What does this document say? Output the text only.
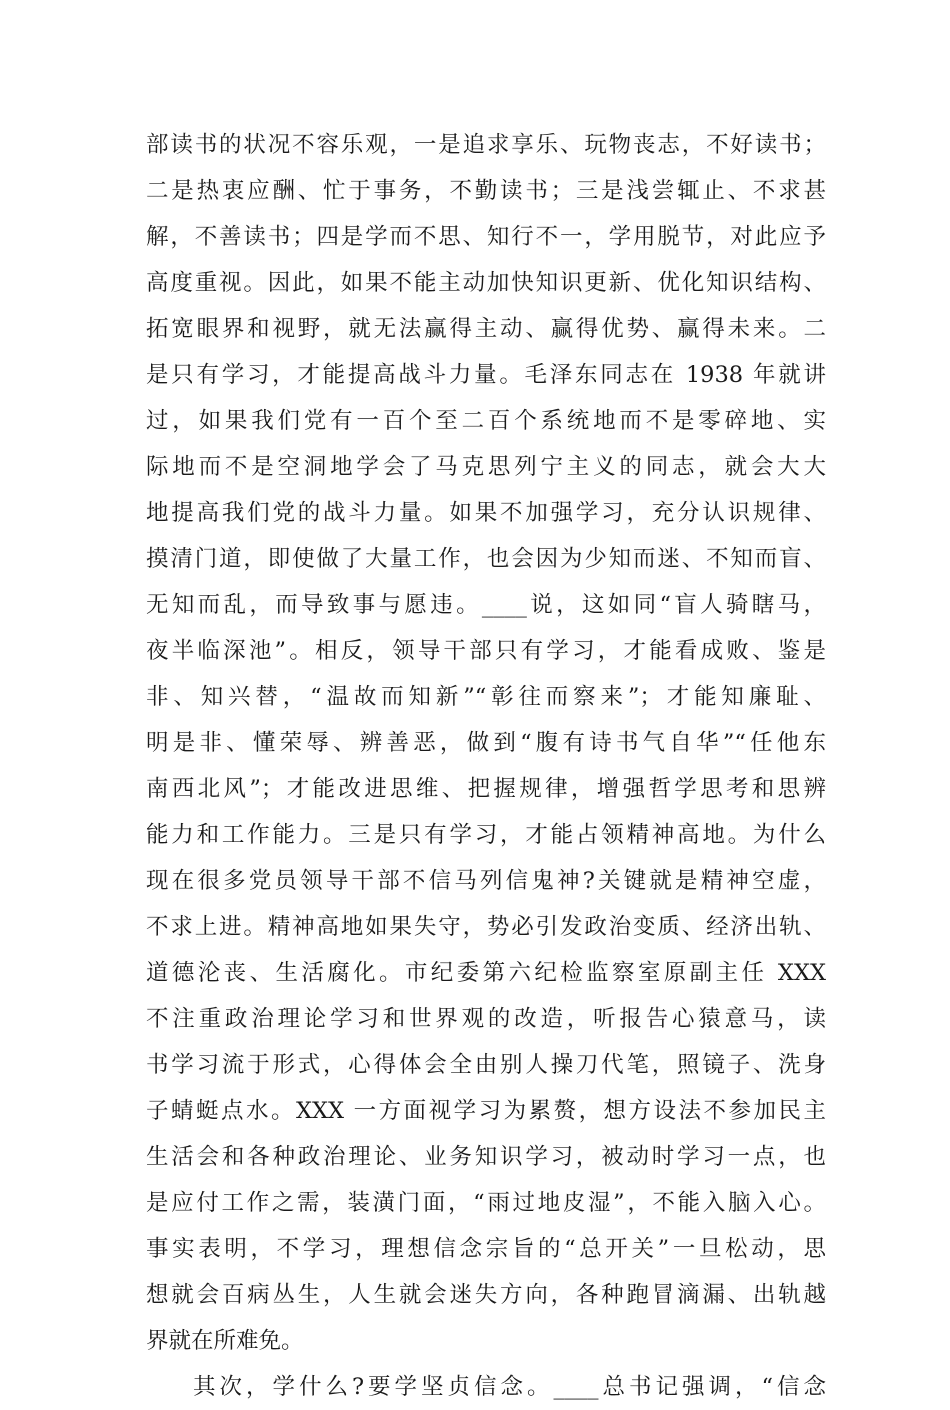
部读书的状况不容乐观，一是追求享乐、玩物丧志，不好读书；
二是热衷应酬、忙于事务，不勤读书；三是浅尝辄止、不求甚
解，不善读书；四是学而不思、知行不一，学用脱节，对此应予
高度重视。因此，如果不能主动加快知识更新、优化知识结构、
拓宽眼界和视野，就无法赢得主动、赢得优势、赢得未来。二
是只有学习，才能提高战斗力量。毛泽东同志在 1938 年就讲
过，如果我们党有一百个至二百个系统地而不是零碎地、实
际地而不是空洞地学会了马克思列宁主义的同志，就会大大
地提高我们党的战斗力量。如果不加强学习，充分认识规律、
摸清门道，即使做了大量工作，也会因为少知而迷、不知而盲、
无知而乱，而导致事与愿违。____说，这如同“盲人骑瞎马，
夜半临深池”。相反，领导干部只有学习，才能看成败、鉴是
非、知兴替，“温故而知新”“彰往而察来”；才能知廉耻、
明是非、懂荣辱、辨善恶，做到“腹有诗书气自华”“任他东
南西北风”；才能改进思维、把握规律，增强哲学思考和思辨
能力和工作能力。三是只有学习，才能占领精神高地。为什么
现在很多党员领导干部不信马列信鬼神?关键就是精神空虚，
不求上进。精神高地如果失守，势必引发政治变质、经济出轨、
道德沦丧、生活腐化。市纪委第六纪检监察室原副主任 XXX
不注重政治理论学习和世界观的改造，听报告心猿意马，读
书学习流于形式，心得体会全由别人操刀代笔，照镜子、洗身
子蜻蜓点水。XXX 一方面视学习为累赘，想方设法不参加民主
生活会和各种政治理论、业务知识学习，被动时学习一点，也
是应付工作之需，装潢门面，“雨过地皮湿”，不能入脑入心。
事实表明，不学习，理想信念宗旨的“总开关”一旦松动，思
想就会百病丛生，人生就会迷失方向，各种跑冒滴漏、出轨越
界就在所难免。
其次，学什么?要学坚贞信念。____总书记强调，“信念
